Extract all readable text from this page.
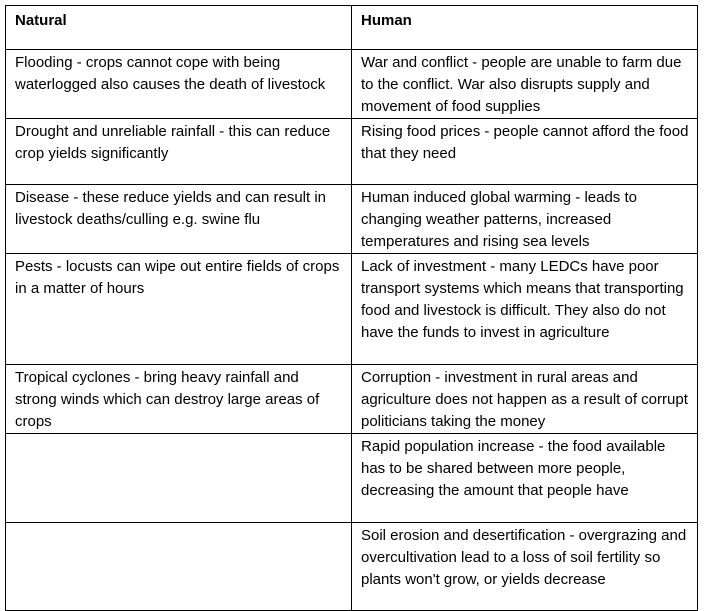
Natural	Human
Flooding - crops cannot cope with being waterlogged also causes the death of livestock	War and conflict - people are unable to farm due to the conflict. War also disrupts supply and movement of food supplies
Drought and unreliable rainfall - this can reduce crop yields significantly	Rising food prices - people cannot afford the food that they need
Disease - these reduce yields and can result in livestock deaths/culling e.g. swine flu	Human induced global warming - leads to changing weather patterns, increased temperatures and rising sea levels
Pests - locusts can wipe out entire fields of crops in a matter of hours	Lack of investment - many LEDCs have poor transport systems which means that transporting food and livestock is difficult. They also do not have the funds to invest in agriculture
Tropical cyclones - bring heavy rainfall and strong winds which can destroy large areas of crops	Corruption - investment in rural areas and agriculture does not happen as a result of corrupt politicians taking the money
	Rapid population increase - the food available has to be shared between more people, decreasing the amount that people have
	Soil erosion and desertification - overgrazing and overcultivation lead to a loss of soil fertility so plants won't grow, or yields decrease
